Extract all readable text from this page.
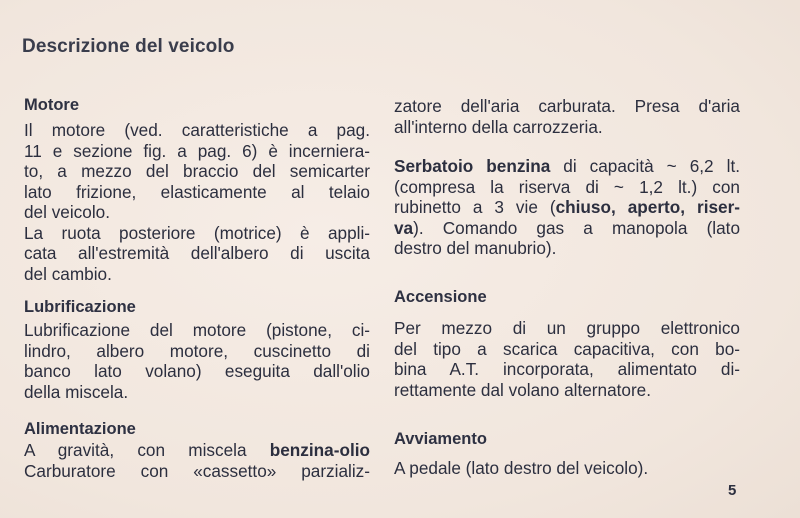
Descrizione del veicolo
Motore
Il motore (ved. caratteristiche a pag.
11 e sezione fig. a pag. 6) è incerniera-
to, a mezzo del braccio del semicarter
lato frizione, elasticamente al telaio
del veicolo.
La ruota posteriore (motrice) è appli-
cata all'estremità dell'albero di uscita
del cambio.
Lubrificazione
Lubrificazione del motore (pistone, ci-
lindro, albero motore, cuscinetto di
banco lato volano) eseguita dall'olio
della miscela.
Alimentazione
A gravità, con miscela benzina-olio
Carburatore con «cassetto» parzializ-
zatore dell'aria carburata. Presa d'aria
all'interno della carrozzeria.
Serbatoio benzina di capacità ~ 6,2 lt.
(compresa la riserva di ~ 1,2 lt.) con
rubinetto a 3 vie (chiuso, aperto, riser-
va). Comando gas a manopola (lato
destro del manubrio).
Accensione
Per mezzo di un gruppo elettronico
del tipo a scarica capacitiva, con bo-
bina A.T. incorporata, alimentato di-
rettamente dal volano alternatore.
Avviamento
A pedale (lato destro del veicolo).
5
